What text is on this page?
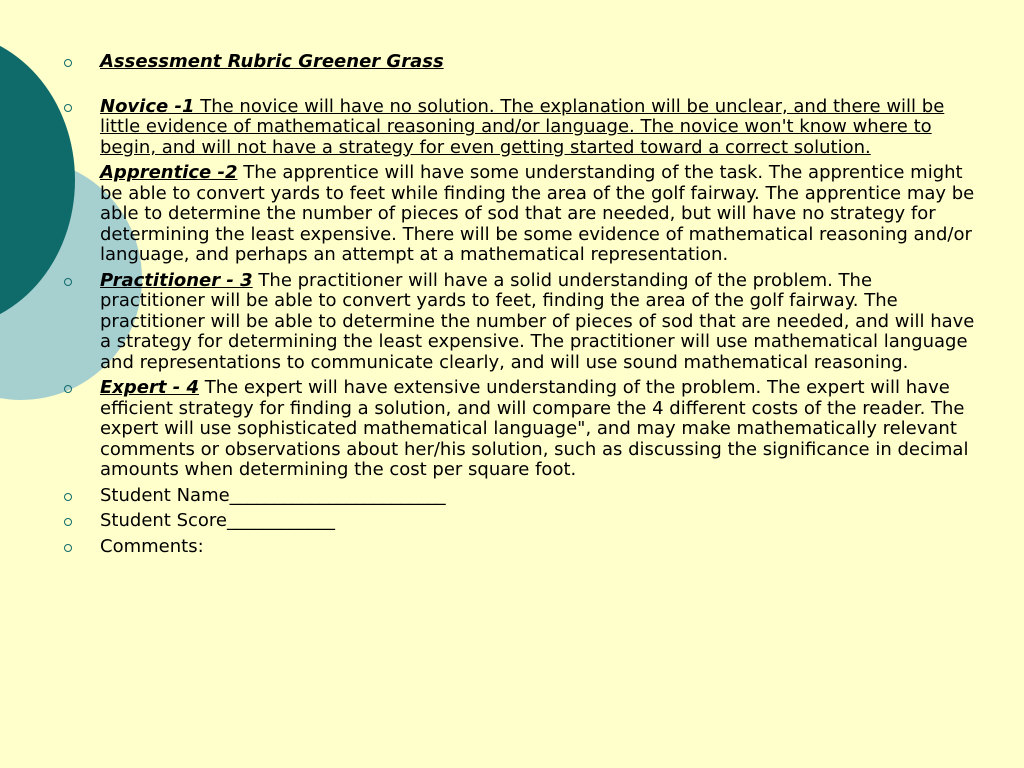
Assessment Rubric Greener Grass
Novice -1 The novice will have no solution. The explanation will be unclear, and there will be little evidence of mathematical reasoning and/or language. The novice won't know where to begin, and will not have a strategy for even getting started toward a correct solution.
Apprentice -2 The apprentice will have some understanding of the task. The apprentice might be able to convert yards to feet while finding the area of the golf fairway. The apprentice may be able to determine the number of pieces of sod that are needed, but will have no strategy for determining the least expensive. There will be some evidence of mathematical reasoning and/or language, and perhaps an attempt at a mathematical representation.
Practitioner - 3 The practitioner will have a solid understanding of the problem. The practitioner will be able to convert yards to feet, finding the area of the golf fairway. The practitioner will be able to determine the number of pieces of sod that are needed, and will have a strategy for determining the least expensive. The practitioner will use mathematical language and representations to communicate clearly, and will use sound mathematical reasoning.
Expert - 4 The expert will have extensive understanding of the problem. The expert will have efficient strategy for finding a solution, and will compare the 4 different costs of the reader. The expert will use sophisticated mathematical language", and may make mathematically relevant comments or observations about her/his solution, such as discussing the significance in decimal amounts when determining the cost per square foot.
Student Name________________________
Student Score____________
Comments:
